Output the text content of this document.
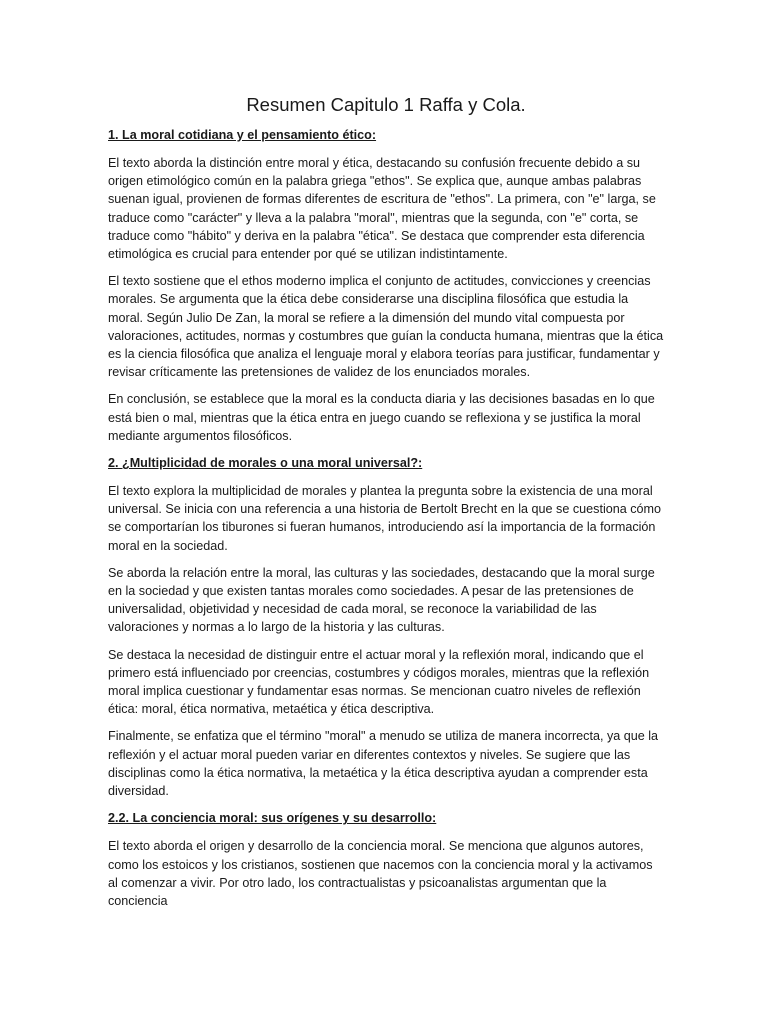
Resumen Capitulo 1 Raffa y Cola.
1. La moral cotidiana y el pensamiento ético:

El texto aborda la distinción entre moral y ética, destacando su confusión frecuente debido a su origen etimológico común en la palabra griega "ethos". Se explica que, aunque ambas palabras suenan igual, provienen de formas diferentes de escritura de "ethos". La primera, con "e" larga, se traduce como "carácter" y lleva a la palabra "moral", mientras que la segunda, con "e" corta, se traduce como "hábito" y deriva en la palabra "ética". Se destaca que comprender esta diferencia etimológica es crucial para entender por qué se utilizan indistintamente.

El texto sostiene que el ethos moderno implica el conjunto de actitudes, convicciones y creencias morales. Se argumenta que la ética debe considerarse una disciplina filosófica que estudia la moral. Según Julio De Zan, la moral se refiere a la dimensión del mundo vital compuesta por valoraciones, actitudes, normas y costumbres que guían la conducta humana, mientras que la ética es la ciencia filosófica que analiza el lenguaje moral y elabora teorías para justificar, fundamentar y revisar críticamente las pretensiones de validez de los enunciados morales.

En conclusión, se establece que la moral es la conducta diaria y las decisiones basadas en lo que está bien o mal, mientras que la ética entra en juego cuando se reflexiona y se justifica la moral mediante argumentos filosóficos.

2. ¿Multiplicidad de morales o una moral universal?:

El texto explora la multiplicidad de morales y plantea la pregunta sobre la existencia de una moral universal. Se inicia con una referencia a una historia de Bertolt Brecht en la que se cuestiona cómo se comportarían los tiburones si fueran humanos, introduciendo así la importancia de la formación moral en la sociedad.

Se aborda la relación entre la moral, las culturas y las sociedades, destacando que la moral surge en la sociedad y que existen tantas morales como sociedades. A pesar de las pretensiones de universalidad, objetividad y necesidad de cada moral, se reconoce la variabilidad de las valoraciones y normas a lo largo de la historia y las culturas.

Se destaca la necesidad de distinguir entre el actuar moral y la reflexión moral, indicando que el primero está influenciado por creencias, costumbres y códigos morales, mientras que la reflexión moral implica cuestionar y fundamentar esas normas. Se mencionan cuatro niveles de reflexión ética: moral, ética normativa, metaética y ética descriptiva.

Finalmente, se enfatiza que el término "moral" a menudo se utiliza de manera incorrecta, ya que la reflexión y el actuar moral pueden variar en diferentes contextos y niveles. Se sugiere que las disciplinas como la ética normativa, la metaética y la ética descriptiva ayudan a comprender esta diversidad.

2.2. La conciencia moral: sus orígenes y su desarrollo:

El texto aborda el origen y desarrollo de la conciencia moral. Se menciona que algunos autores, como los estoicos y los cristianos, sostienen que nacemos con la conciencia moral y la activamos al comenzar a vivir. Por otro lado, los contractualistas y psicoanalistas argumentan que la conciencia
